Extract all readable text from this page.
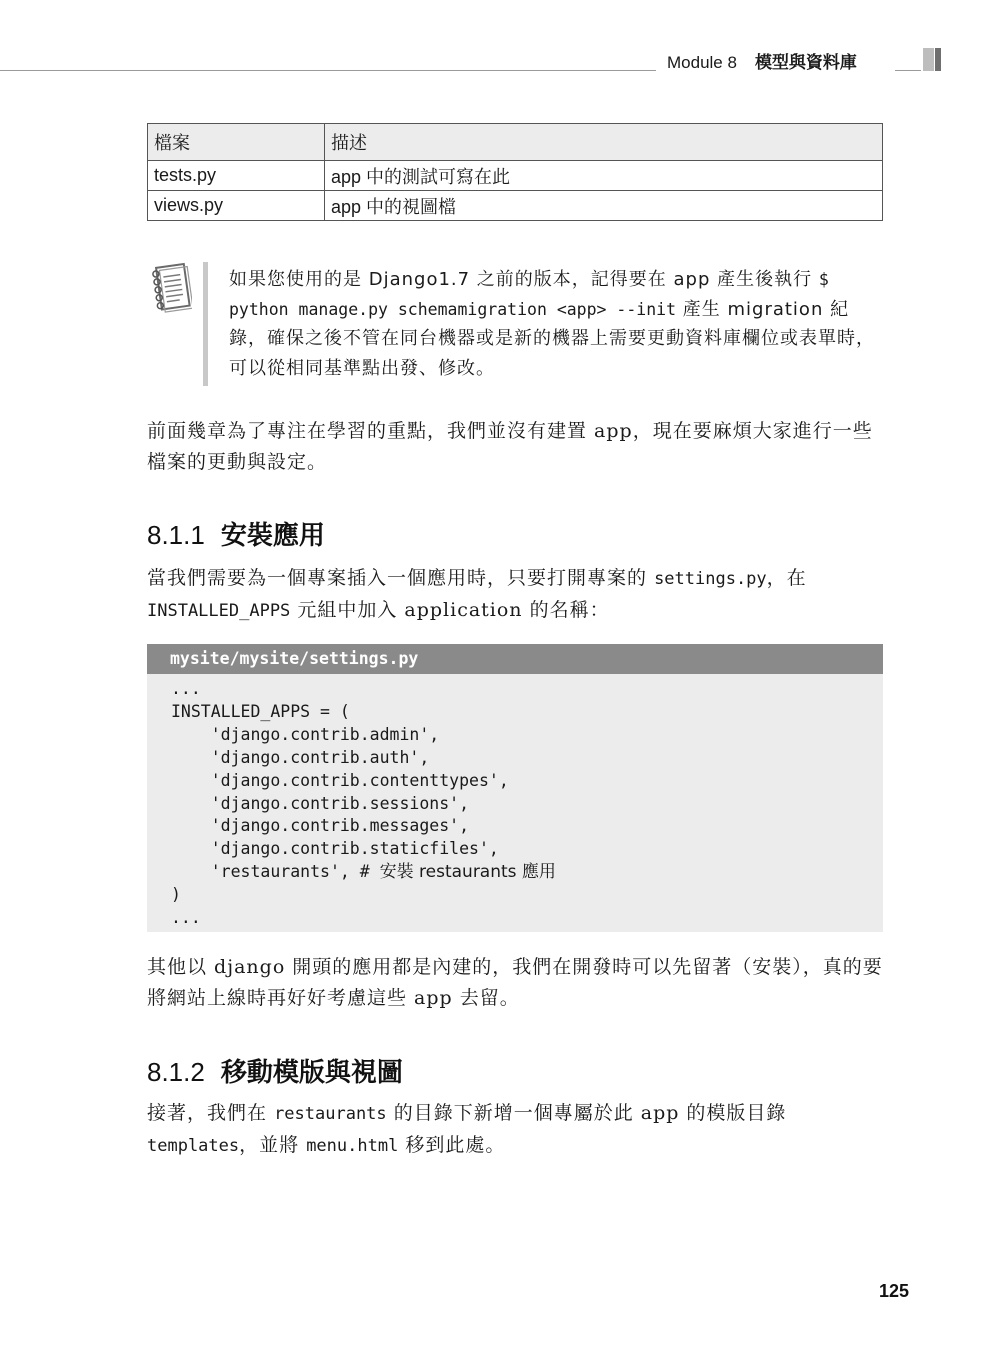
Module 8 模型與資料庫
檔案	描述
tests.py	app 中的測試可寫在此
views.py	app 中的視圖檔
如果您使用的是 Django1.7 之前的版本，記得要在 app 產生後執行 $ python manage.py schemamigration <app> --init 產生 migration 紀錄，確保之後不管在同台機器或是新的機器上需要更動資料庫欄位或表單時，可以從相同基準點出發、修改。
前面幾章為了專注在學習的重點，我們並沒有建置 app，現在要麻煩大家進行一些檔案的更動與設定。
8.1.1 安裝應用
當我們需要為一個專案插入一個應用時，只要打開專案的 settings.py，在INSTALLED_APPS 元組中加入 application 的名稱：
mysite/mysite/settings.py
...
INSTALLED_APPS = (
'django.contrib.admin',
'django.contrib.auth',
'django.contrib.contenttypes',
'django.contrib.sessions',
'django.contrib.messages',
'django.contrib.staticfiles',
'restaurants', # 安裝 restaurants 應用
)
...
其他以 django 開頭的應用都是內建的，我們在開發時可以先留著（安裝），真的要將網站上線時再好好考慮這些 app 去留。
8.1.2 移動模版與視圖
接著，我們在 restaurants 的目錄下新增一個專屬於此 app 的模版目錄 templates，並將 menu.html 移到此處。
125
